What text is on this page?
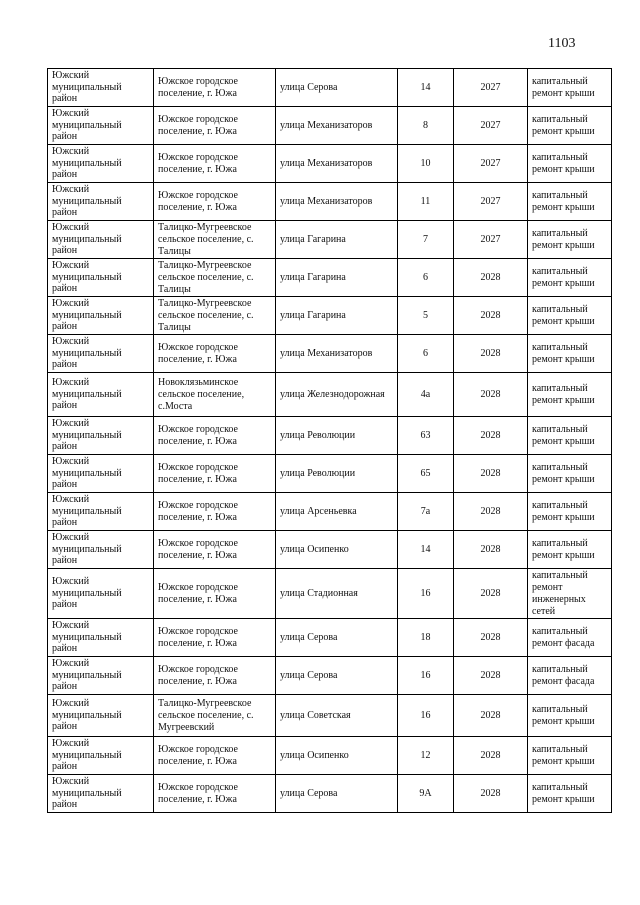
1103
Южский муниципальный район	Южское городское поселение, г. Южа	улица Серова	14	2027	капитальный ремонт крыши
Южский муниципальный район	Южское городское поселение, г. Южа	улица Механизаторов	8	2027	капитальный ремонт крыши
Южский муниципальный район	Южское городское поселение, г. Южа	улица Механизаторов	10	2027	капитальный ремонт крыши
Южский муниципальный район	Южское городское поселение, г. Южа	улица Механизаторов	11	2027	капитальный ремонт крыши
Южский муниципальный район	Талицко-Мугреевское сельское поселение, с. Талицы	улица Гагарина	7	2027	капитальный ремонт крыши
Южский муниципальный район	Талицко-Мугреевское сельское поселение, с. Талицы	улица Гагарина	6	2028	капитальный ремонт крыши
Южский муниципальный район	Талицко-Мугреевское сельское поселение, с. Талицы	улица Гагарина	5	2028	капитальный ремонт крыши
Южский муниципальный район	Южское городское поселение, г. Южа	улица Механизаторов	6	2028	капитальный ремонт крыши
Южский муниципальный район	Новоклязьминское сельское поселение, с.Моста	улица Железнодорожная	4а	2028	капитальный ремонт крыши
Южский муниципальный район	Южское городское поселение, г. Южа	улица Революции	63	2028	капитальный ремонт крыши
Южский муниципальный район	Южское городское поселение, г. Южа	улица Революции	65	2028	капитальный ремонт крыши
Южский муниципальный район	Южское городское поселение, г. Южа	улица Арсеньевка	7а	2028	капитальный ремонт крыши
Южский муниципальный район	Южское городское поселение, г. Южа	улица Осипенко	14	2028	капитальный ремонт крыши
Южский муниципальный район	Южское городское поселение, г. Южа	улица Стадионная	16	2028	капитальный ремонт инженерных сетей
Южский муниципальный район	Южское городское поселение, г. Южа	улица Серова	18	2028	капитальный ремонт фасада
Южский муниципальный район	Южское городское поселение, г. Южа	улица Серова	16	2028	капитальный ремонт фасада
Южский муниципальный район	Талицко-Мугреевское сельское поселение, с. Мугреевский	улица Советская	16	2028	капитальный ремонт крыши
Южский муниципальный район	Южское городское поселение, г. Южа	улица Осипенко	12	2028	капитальный ремонт крыши
Южский муниципальный район	Южское городское поселение, г. Южа	улица Серова	9А	2028	капитальный ремонт крыши
